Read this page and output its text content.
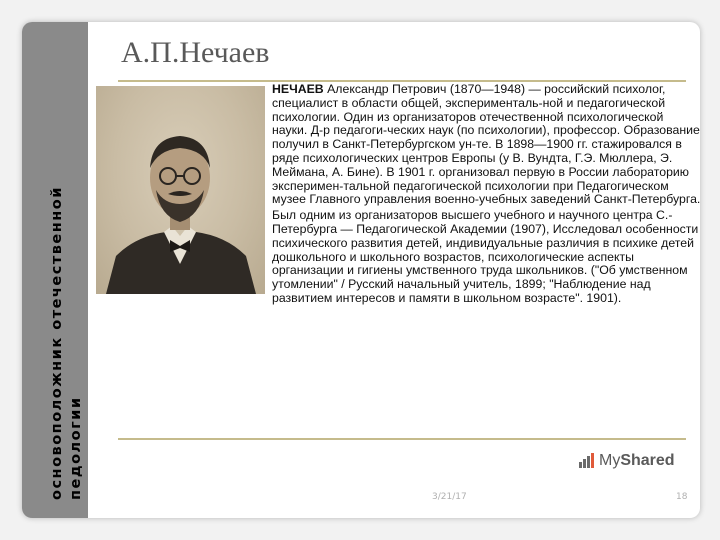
основоположник отечественной
педологии
А.П.Нечаев

НЕЧАЕВ Александр Петрович (1870—1948) — российский психолог, специалист в области общей, эксперименталь-ной и педагогической психологии. Один из организаторов отечественной психологической науки. Д-р педагоги-ческих наук (по психологии), профессор. Образование получил в Санкт-Петербургском ун-те. В 1898—1900 гг. стажировался в ряде психологических центров Европы (у В. Вундта, Г.Э. Мюллера, Э. Меймана, А. Бине). В 1901 г. организовал первую в России лабораторию эксперимен-тальной педагогической психологии при Педагогическом музее Главного управления военно-учебных заведений Санкт-Петербурга.

Был одним из организаторов высшего учебного и научного центра С.-Петербурга — Педагогической Академии (1907), Исследовал особенности психического развития детей, индивидуальные различия в психике детей дошкольного и школьного возрастов, психологические аспекты организации и гигиены умственного труда школьников. ("Об умственном утомлении" / Русский начальный учитель, 1899; "Наблюдение над развитием интересов и памяти в школьном возрасте". 1901).

MyShared
3/21/17	18
